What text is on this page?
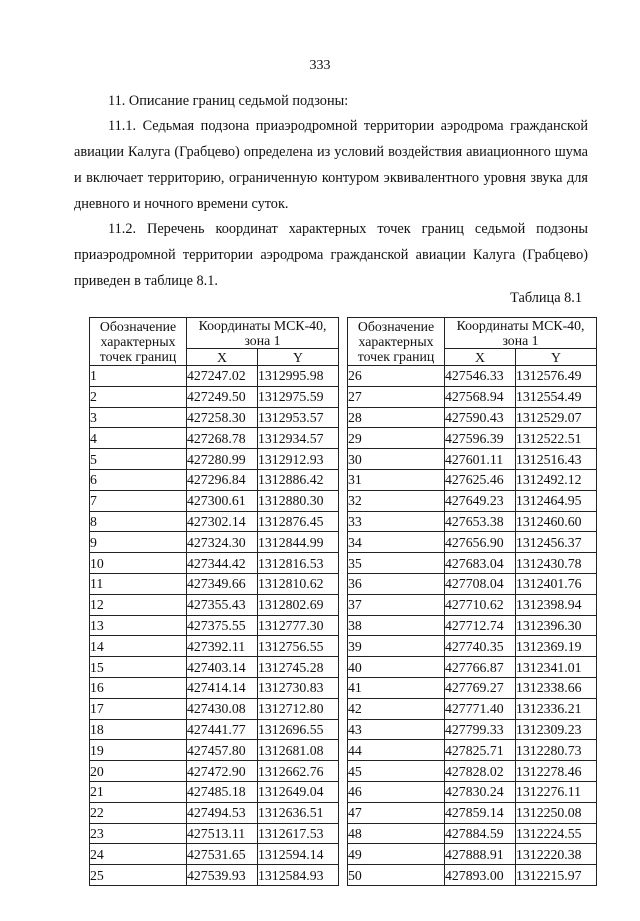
333
11. Описание границ седьмой подзоны:
11.1. Седьмая подзона приаэродромной территории аэродрома гражданской авиации Калуга (Грабцево) определена из условий воздействия авиационного шума и включает территорию, ограниченную контуром эквивалентного уровня звука для дневного и ночного времени суток.
11.2. Перечень координат характерных точек границ седьмой подзоны приаэродромной территории аэродрома гражданской авиации Калуга (Грабцево) приведен в таблице 8.1.
Таблица 8.1
Обозначение характерных точек границ	Координаты МСК-40, зона 1	
	X	Y
1	427247.02	1312995.98
2	427249.50	1312975.59
3	427258.30	1312953.57
4	427268.78	1312934.57
5	427280.99	1312912.93
6	427296.84	1312886.42
7	427300.61	1312880.30
8	427302.14	1312876.45
9	427324.30	1312844.99
10	427344.42	1312816.53
11	427349.66	1312810.62
12	427355.43	1312802.69
13	427375.55	1312777.30
14	427392.11	1312756.55
15	427403.14	1312745.28
16	427414.14	1312730.83
17	427430.08	1312712.80
18	427441.77	1312696.55
19	427457.80	1312681.08
20	427472.90	1312662.76
21	427485.18	1312649.04
22	427494.53	1312636.51
23	427513.11	1312617.53
24	427531.65	1312594.14
25	427539.93	1312584.93
Обозначение характерных точек границ	Координаты МСК-40, зона 1	
	X	Y
26	427546.33	1312576.49
27	427568.94	1312554.49
28	427590.43	1312529.07
29	427596.39	1312522.51
30	427601.11	1312516.43
31	427625.46	1312492.12
32	427649.23	1312464.95
33	427653.38	1312460.60
34	427656.90	1312456.37
35	427683.04	1312430.78
36	427708.04	1312401.76
37	427710.62	1312398.94
38	427712.74	1312396.30
39	427740.35	1312369.19
40	427766.87	1312341.01
41	427769.27	1312338.66
42	427771.40	1312336.21
43	427799.33	1312309.23
44	427825.71	1312280.73
45	427828.02	1312278.46
46	427830.24	1312276.11
47	427859.14	1312250.08
48	427884.59	1312224.55
49	427888.91	1312220.38
50	427893.00	1312215.97
